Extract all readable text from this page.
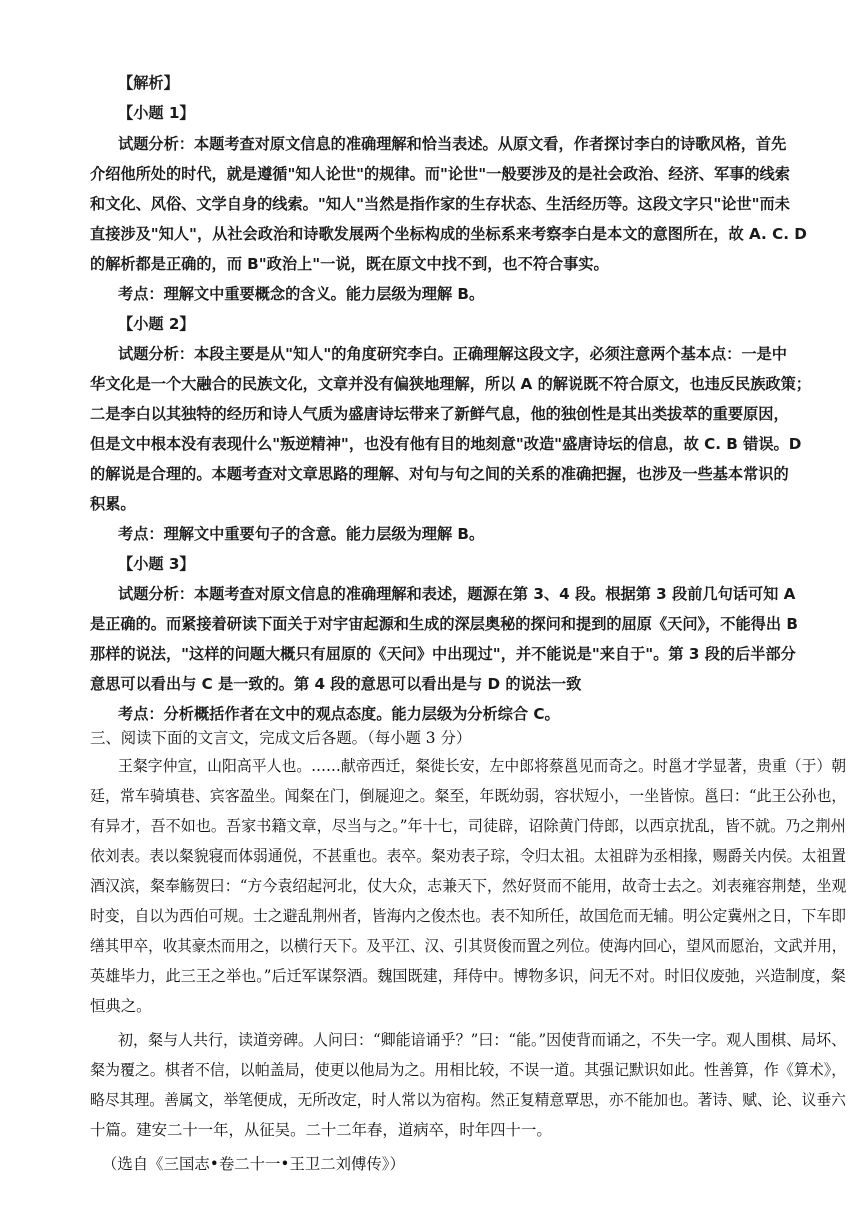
【解析】
【小题 1】
试题分析：本题考查对原文信息的准确理解和恰当表述。从原文看，作者探讨李白的诗歌风格，首先
介绍他所处的时代，就是遵循"知人论世"的规律。而"论世"一般要涉及的是社会政治、经济、军事的线索
和文化、风俗、文学自身的线索。"知人"当然是指作家的生存状态、生活经历等。这段文字只"论世"而未
直接涉及"知人"，从社会政治和诗歌发展两个坐标构成的坐标系来考察李白是本文的意图所在，故 A. C. D
的解析都是正确的，而 B"政治上"一说，既在原文中找不到，也不符合事实。
考点：理解文中重要概念的含义。能力层级为理解 B。
【小题 2】
试题分析：本段主要是从"知人"的角度研究李白。正确理解这段文字，必须注意两个基本点：一是中
华文化是一个大融合的民族文化，文章并没有偏狭地理解，所以 A 的解说既不符合原文，也违反民族政策；
二是李白以其独特的经历和诗人气质为盛唐诗坛带来了新鲜气息，他的独创性是其出类拔萃的重要原因，
但是文中根本没有表现什么"叛逆精神"，也没有他有目的地刻意"改造"盛唐诗坛的信息，故 C. B 错误。D
的解说是合理的。本题考查对文章思路的理解、对句与句之间的关系的准确把握，也涉及一些基本常识的
积累。
考点：理解文中重要句子的含意。能力层级为理解 B。
【小题 3】
试题分析：本题考查对原文信息的准确理解和表述，题源在第 3、4 段。根据第 3 段前几句话可知 A
是正确的。而紧接着研读下面关于对宇宙起源和生成的深层奥秘的探问和提到的屈原《天问》，不能得出 B
那样的说法，"这样的问题大概只有屈原的《天问》中出现过"，并不能说是"来自于"。第 3 段的后半部分
意思可以看出与 C 是一致的。第 4 段的意思可以看出是与 D 的说法一致
考点：分析概括作者在文中的观点态度。能力层级为分析综合 C。
三、阅读下面的文言文，完成文后各题。（每小题 3 分）
王粲字仲宣，山阳高平人也。……献帝西迁，粲徙长安，左中郎将蔡邕见而奇之。时邕才学显著，贵重（于）朝
廷，常车骑填巷、宾客盈坐。闻粲在门，倒屣迎之。粲至，年既幼弱，容状短小，一坐皆惊。邕曰：“此王公孙也，
有异才，吾不如也。吾家书籍文章，尽当与之。”年十七，司徒辟，诏除黄门侍郎，以西京扰乱，皆不就。乃之荆州
依刘表。表以粲貌寝而体弱通侻，不甚重也。表卒。粲劝表子琮，令归太祖。太祖辟为丞相掾，赐爵关内侯。太祖置
酒汉滨，粲奉觞贺曰：“方今袁绍起河北，仗大众，志兼天下，然好贤而不能用，故奇士去之。刘表雍容荆楚，坐观
时变，自以为西伯可规。士之避乱荆州者，皆海内之俊杰也。表不知所任，故国危而无辅。明公定冀州之日，下车即
缮其甲卒，收其豪杰而用之，以横行天下。及平江、汉、引其贤俊而置之列位。使海内回心，望风而愿治，文武并用，
英雄毕力，此三王之举也。”后迁军谋祭酒。魏国既建，拜侍中。博物多识，问无不对。时旧仪废弛，兴造制度，粲
恒典之。
初，粲与人共行，读道旁碑。人问曰：“卿能谙诵乎？”曰：“能。”因使背而诵之，不失一字。观人围棋、局坏、
粲为覆之。棋者不信，以帕盖局，使更以他局为之。用相比较，不误一道。其强记默识如此。性善算，作《算术》，
略尽其理。善属文，举笔便成，无所改定，时人常以为宿构。然正复精意覃思，亦不能加也。著诗、赋、论、议垂六
十篇。建安二十一年，从征吴。二十二年春，道病卒，时年四十一。
（选自《三国志•卷二十一•王卫二刘傅传》）
